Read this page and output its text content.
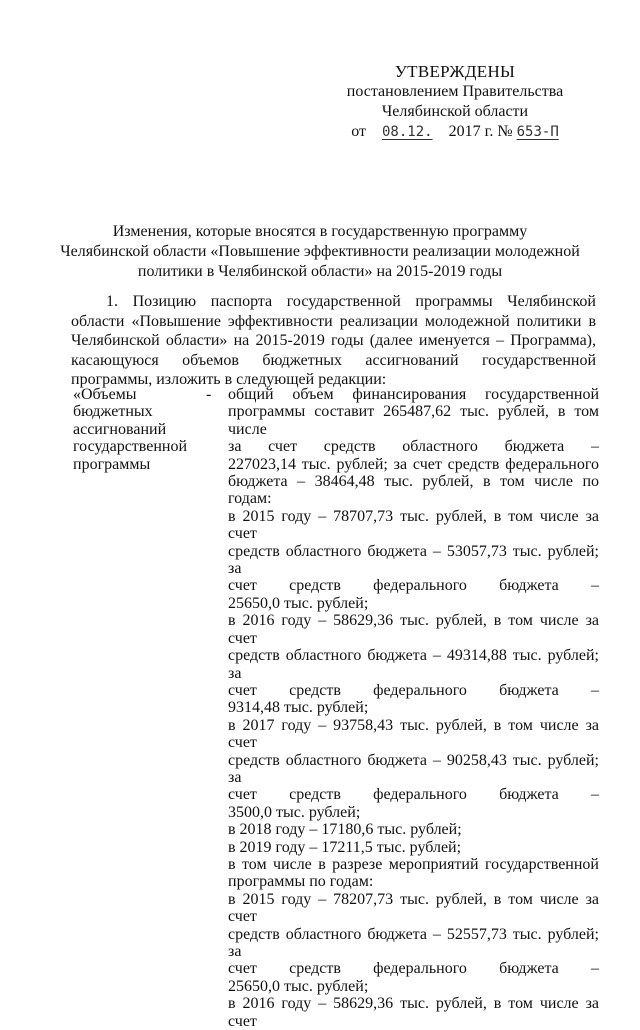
УТВЕРЖДЕНЫ
постановлением Правительства
Челябинской области
от 08.12. 2017 г. № 653-П
Изменения, которые вносятся в государственную программу
Челябинской области «Повышение эффективности реализации молодежной
политики в Челябинской области» на 2015-2019 годы

1. Позицию паспорта государственной программы Челябинской области «Повышение эффективности реализации молодежной политики в Челябинской области» на 2015-2019 годы (далее именуется – Программа), касающуюся объемов бюджетных ассигнований государственной программы, изложить в следующей редакции:

«Объемы
бюджетных
ассигнований
государственной
программы
- общий объем финансирования государственной
программы составит 265487,62 тыс. рублей, в том числе
за счет средств областного бюджета –
227023,14 тыс. рублей; за счет средств федерального
бюджета – 38464,48 тыс. рублей, в том числе по годам:
в 2015 году – 78707,73 тыс. рублей, в том числе за счет
средств областного бюджета – 53057,73 тыс. рублей; за
счет средств федерального бюджета –
25650,0 тыс. рублей;
в 2016 году – 58629,36 тыс. рублей, в том числе за счет
средств областного бюджета – 49314,88 тыс. рублей; за
счет средств федерального бюджета –
9314,48 тыс. рублей;
в 2017 году – 93758,43 тыс. рублей, в том числе за счет
средств областного бюджета – 90258,43 тыс. рублей; за
счет средств федерального бюджета –
3500,0 тыс. рублей;
в 2018 году – 17180,6 тыс. рублей;
в 2019 году – 17211,5 тыс. рублей;
в том числе в разрезе мероприятий государственной
программы по годам:
в 2015 году – 78207,73 тыс. рублей, в том числе за счет
средств областного бюджета – 52557,73 тыс. рублей; за
счет средств федерального бюджета –
25650,0 тыс. рублей;
в 2016 году – 58629,36 тыс. рублей, в том числе за счет
